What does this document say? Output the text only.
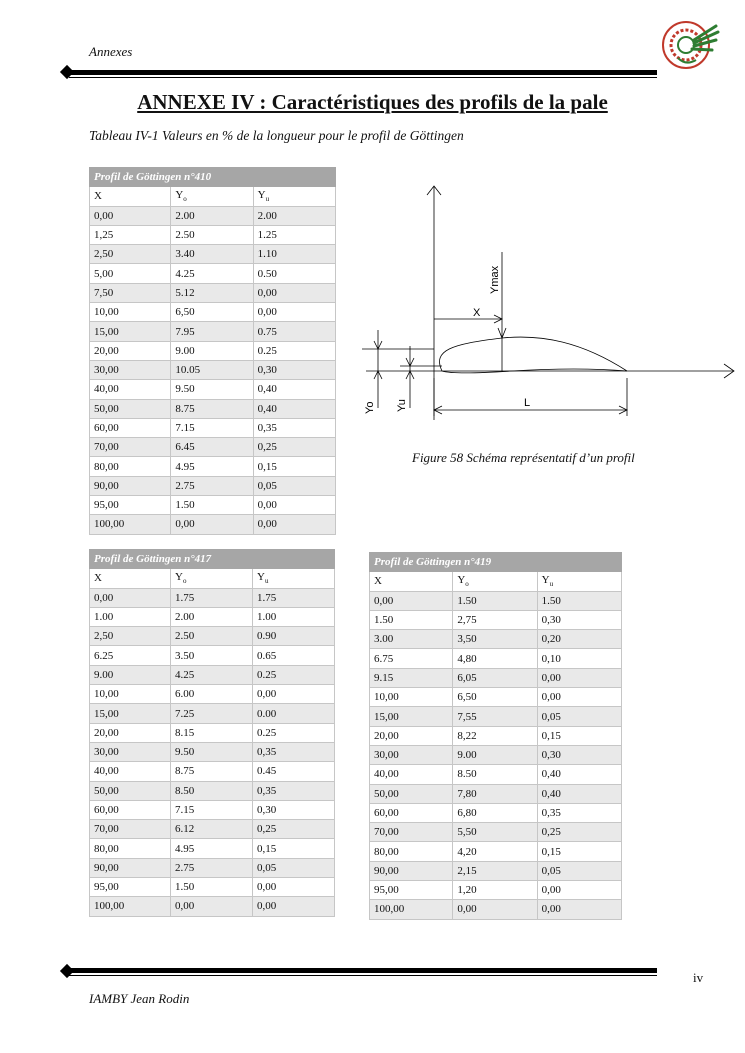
Annexes
ANNEXE IV : Caractéristiques des profils de la pale
Tableau IV-1 Valeurs en % de la longueur pour le profil de Göttingen
Profil de Göttingen n°410		
X	$Y_o$	$Y_u$
0,00	2.00	2.00
1,25	2.50	1.25
2,50	3.40	1.10
5,00	4.25	0.50
7,50	5.12	0,00
10,00	6,50	0,00
15,00	7.95	0.75
20,00	9.00	0.25
30,00	10.05	0,30
40,00	9.50	0,40
50,00	8.75	0,40
60,00	7.15	0,35
70,00	6.45	0,25
80,00	4.95	0,15
90,00	2.75	0,05
95,00	1.50	0,00
100,00	0,00	0,00
X
Ymax
L
Yo Yu
Figure 58 Schéma représentatif d’un profil
Profil de Göttingen n°417		
X	$Y_o$	$Y_u$
0,00	1.75	1.75
1.00	2.00	1.00
2,50	2.50	0.90
6.25	3.50	0.65
9.00	4.25	0.25
10,00	6.00	0,00
15,00	7.25	0.00
20,00	8.15	0.25
30,00	9.50	0,35
40,00	8.75	0.45
50,00	8.50	0,35
60,00	7.15	0,30
70,00	6.12	0,25
80,00	4.95	0,15
90,00	2.75	0,05
95,00	1.50	0,00
100,00	0,00	0,00
Profil de Göttingen n°419		
X	$Y_o$	$Y_u$
0,00	1.50	1.50
1.50	2,75	0,30
3.00	3,50	0,20
6.75	4,80	0,10
9.15	6,05	0,00
10,00	6,50	0,00
15,00	7,55	0,05
20,00	8,22	0,15
30,00	9.00	0,30
40,00	8.50	0,40
50,00	7,80	0,40
60,00	6,80	0,35
70,00	5,50	0,25
80,00	4,20	0,15
90,00	2,15	0,05
95,00	1,20	0,00
100,00	0,00	0,00
iv
IAMBY Jean Rodin
